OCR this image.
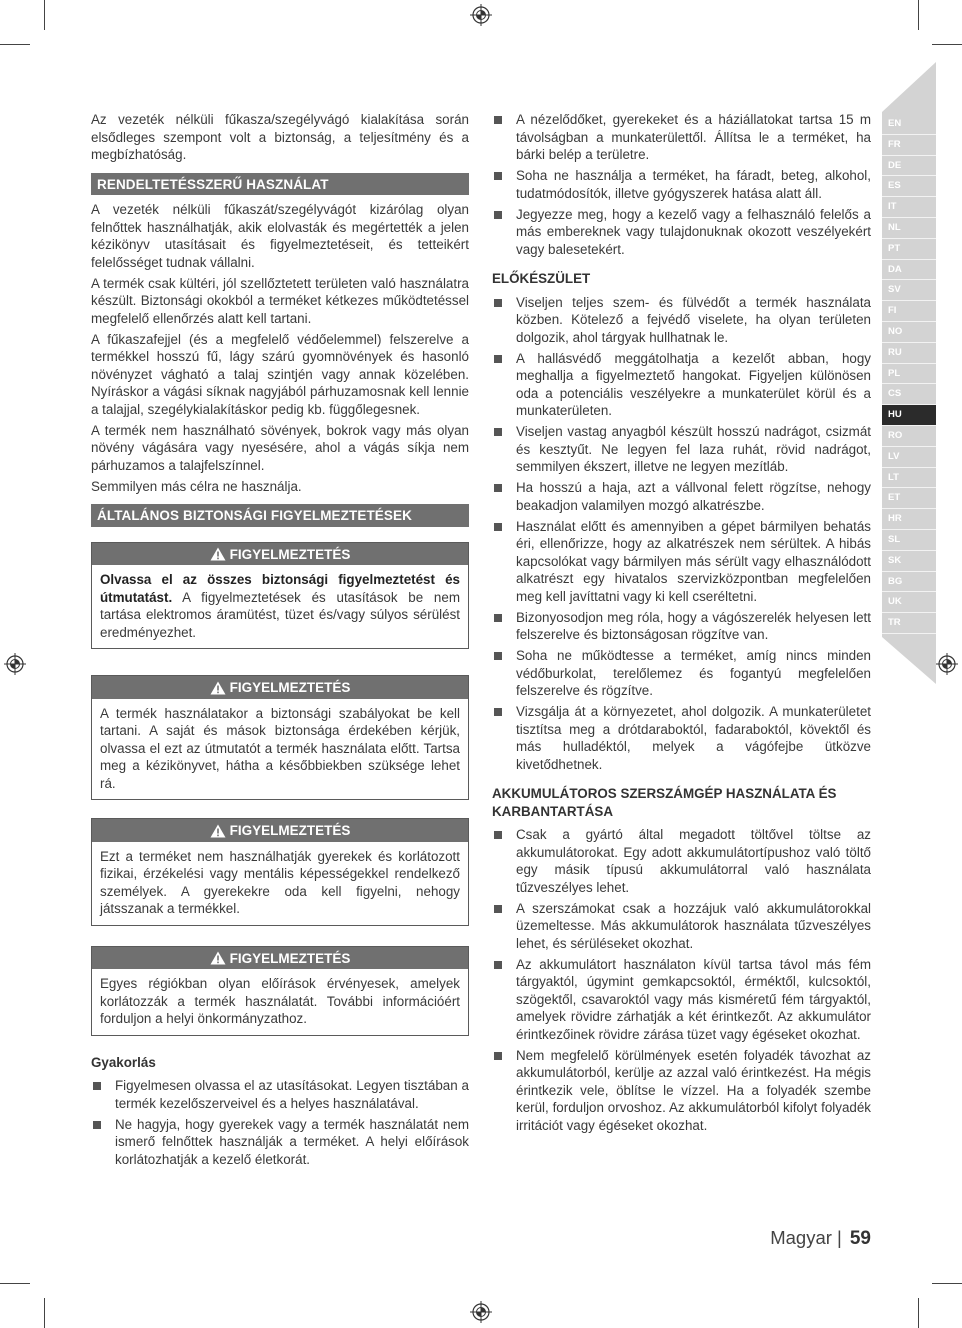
Az vezeték nélküli fűkasza/szegélyvágó kialakítása során elsődleges szempont volt a biztonság, a teljesítmény és a megbízhatóság.

RENDELTETÉSSZERŰ HASZNÁLAT

A vezeték nélküli fűkaszát/szegélyvágót kizárólag olyan felnőttek használhatják, akik elolvasták és megértették a jelen kézikönyv utasításait és figyelmeztetéseit, és tetteikért felelősséget tudnak vállalni.

A termék csak kültéri, jól szellőztetett területen való használatra készült. Biztonsági okokból a terméket kétkezes működtetéssel megfelelő ellenőrzés alatt kell tartani.

A fűkaszafejjel (és a megfelelő védőelemmel) felszerelve a termékkel hosszú fű, lágy szárú gyomnövények és hasonló növényzet vágható a talaj szintjén vagy annak közelében. Nyíráskor a vágási síknak nagyjából párhuzamosnak kell lennie a talajjal, szegélykialakításkor pedig kb. függőlegesnek.

A termék nem használható sövények, bokrok vagy más olyan növény vágására vagy nyesésére, ahol a vágás síkja nem párhuzamos a talajfelszínnel.

Semmilyen más célra ne használja.

ÁLTALÁNOS BIZTONSÁGI FIGYELMEZTETÉSEK
FIGYELMEZTETÉS
Olvassa el az összes biztonsági figyelmeztetést és útmutatást. A figyelmeztetések és utasítások be nem tartása elektromos áramütést, tüzet és/vagy súlyos sérülést eredményezhet.
FIGYELMEZTETÉS
A termék használatakor a biztonsági szabályokat be kell tartani. A saját és mások biztonsága érdekében kérjük, olvassa el ezt az útmutatót a termék használata előtt. Tartsa meg a kézikönyvet, hátha a későbbiekben szüksége lehet rá.
FIGYELMEZTETÉS
Ezt a terméket nem használhatják gyerekek és korlátozott fizikai, érzékelési vagy mentális képességekkel rendelkező személyek. A gyerekekre oda kell figyelni, nehogy játsszanak a termékkel.
FIGYELMEZTETÉS
Egyes régiókban olyan előírások érvényesek, amelyek korlátozzák a termék használatát. További információért forduljon a helyi önkormányzathoz.
Gyakorlás
Figyelmesen olvassa el az utasításokat. Legyen tisztában a termék kezelőszerveivel és a helyes használatával.
Ne hagyja, hogy gyerekek vagy a termék használatát nem ismerő felnőttek használják a terméket. A helyi előírások korlátozhatják a kezelő életkorát.
A nézelődőket, gyerekeket és a háziállatokat tartsa 15 m távolságban a munkaterülettől. Állítsa le a terméket, ha bárki belép a területre.
Soha ne használja a terméket, ha fáradt, beteg, alkohol, tudatmódosítók, illetve gyógyszerek hatása alatt áll.
Jegyezze meg, hogy a kezelő vagy a felhasználó felelős a más embereknek vagy tulajdonuknak okozott veszélyekért vagy balesetekért.
ELŐKÉSZÜLET
Viseljen teljes szem- és fülvédőt a termék használata közben. Kötelező a fejvédő viselete, ha olyan területen dolgozik, ahol tárgyak hullhatnak le.
A hallásvédő meggátolhatja a kezelőt abban, hogy meghallja a figyelmeztető hangokat. Figyeljen különösen oda a potenciális veszélyekre a munkaterület körül és a munkaterületen.
Viseljen vastag anyagból készült hosszú nadrágot, csizmát és kesztyűt. Ne legyen fel laza ruhát, rövid nadrágot, semmilyen ékszert, illetve ne legyen mezítláb.
Ha hosszú a haja, azt a vállvonal felett rögzítse, nehogy beakadjon valamilyen mozgó alkatrészbe.
Használat előtt és amennyiben a gépet bármilyen behatás éri, ellenőrizze, hogy az alkatrészek nem sérültek. A hibás kapcsolókat vagy bármilyen más sérült vagy elhasználódott alkatrészt egy hivatalos szervizközpontban megfelelően meg kell javíttatni vagy ki kell cseréltetni.
Bizonyosodjon meg róla, hogy a vágószerelék helyesen lett felszerelve és biztonságosan rögzítve van.
Soha ne működtesse a terméket, amíg nincs minden védőburkolat, terelőlemez és fogantyú megfelelően felszerelve és rögzítve.
Vizsgálja át a környezetet, ahol dolgozik. A munkaterületet tisztítsa meg a drótdaraboktól, fadaraboktól, kövektől és más hulladéktól, melyek a vágófejbe ütközve kivetődhetnek.
AKKUMULÁTOROS SZERSZÁMGÉP HASZNÁLATA ÉS KARBANTARTÁSA
Csak a gyártó által megadott töltővel töltse az akkumulátorokat. Egy adott akkumulátortípushoz való töltő egy másik típusú akkumulátorral való használata tűzveszélyes lehet.
A szerszámokat csak a hozzájuk való akkumulátorokkal üzemeltesse. Más akkumulátorok használata tűzveszélyes lehet, és sérüléseket okozhat.
Az akkumulátort használaton kívül tartsa távol más fém tárgyaktól, úgymint gemkapcsoktól, érméktől, kulcsoktól, szögektől, csavaroktól vagy más kisméretű fém tárgyaktól, amelyek rövidre zárhatják a két érintkezőt. Az akkumulátor érintkezőinek rövidre zárása tüzet vagy égéseket okozhat.
Nem megfelelő körülmények esetén folyadék távozhat az akkumulátorból, kerülje az azzal való érintkezést. Ha mégis érintkezik vele, öblítse le vízzel. Ha a folyadék szembe kerül, forduljon orvoshoz. Az akkumulátorból kifolyt folyadék irritációt vagy égéseket okozhat.
EN
FR
DE
ES
IT
NL
PT
DA
SV
FI
NO
RU
PL
CS
HU
RO
LV
LT
ET
HR
SL
SK
BG
UK
TR
Magyar | 59
